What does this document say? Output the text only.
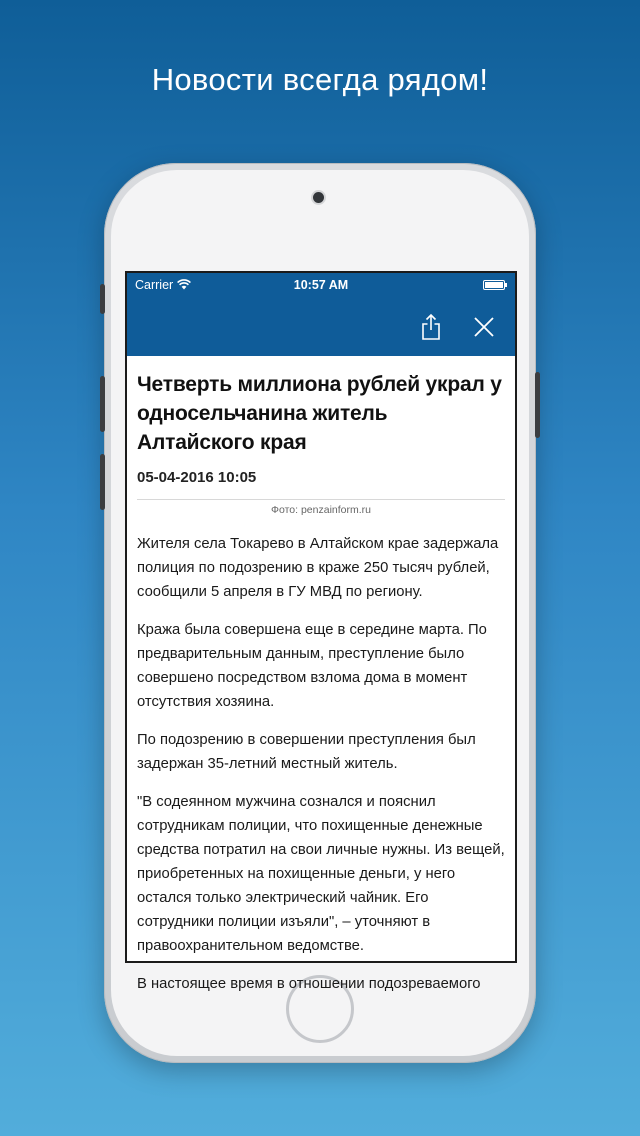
Новости всегда рядом!
Carrier	10:57 AM
Четверть миллиона рублей украл у односельчанина житель Алтайского края
05-04-2016 10:05
Фото: penzainform.ru

Жителя села Токарево в Алтайском крае задержала полиция по подозрению в краже 250 тысяч рублей, сообщили 5 апреля в ГУ МВД по региону.

Кража была совершена еще в середине марта. По предварительным данным, преступление было совершено посредством взлома дома в момент отсутствия хозяина.

По подозрению в совершении преступления был задержан 35-летний местный житель.

"В содеянном мужчина сознался и пояснил сотрудникам полиции, что похищенные денежные средства потратил на свои личные нужны. Из вещей, приобретенных на похищенные деньги, у него остался только электрический чайник. Его сотрудники полиции изъяли", – уточняют в правоохранительном ведомстве.

В настоящее время в отношении подозреваемого
